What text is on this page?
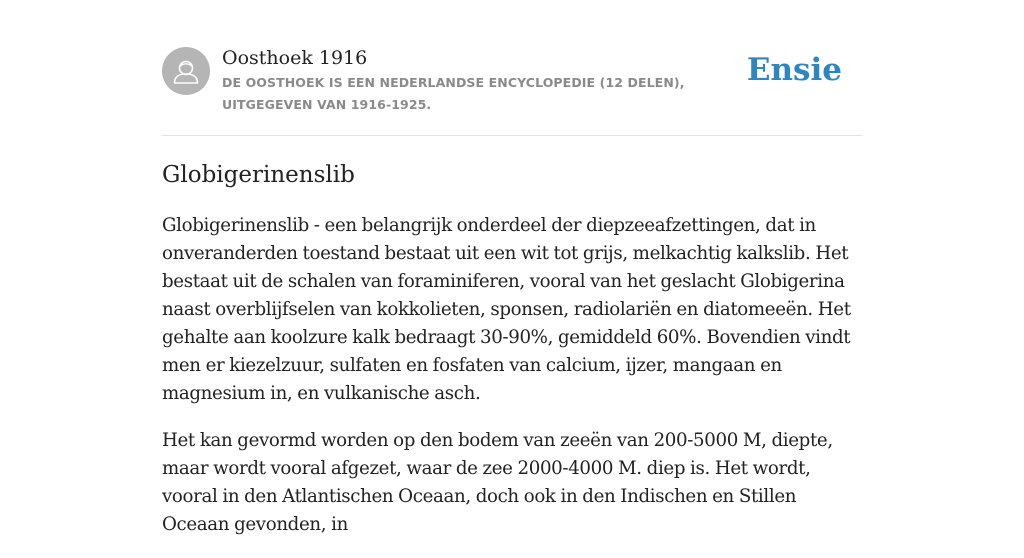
Oosthoek 1916
DE OOSTHOEK IS EEN NEDERLANDSE ENCYCLOPEDIE (12 DELEN), UITGEGEVEN VAN 1916-1925.
Ensie
Globigerinenslib

Globigerinenslib - een belangrijk onderdeel der diepzeeafzettingen, dat in onveranderden toestand bestaat uit een wit tot grijs, melkachtig kalkslib. Het bestaat uit de schalen van foraminiferen, vooral van het geslacht Globigerina naast overblijfselen van kokkolieten, sponsen, radiolariën en diatomeeën. Het gehalte aan koolzure kalk bedraagt 30-90%, gemiddeld 60%. Bovendien vindt men er kiezelzuur, sulfaten en fosfaten van calcium, ijzer, mangaan en magnesium in, en vulkanische asch.

Het kan gevormd worden op den bodem van zeeën van 200-5000 M, diepte, maar wordt vooral afgezet, waar de zee 2000-4000 M. diep is. Het wordt, vooral in den Atlantischen Oceaan, doch ook in den Indischen en Stillen Oceaan gevonden, in
